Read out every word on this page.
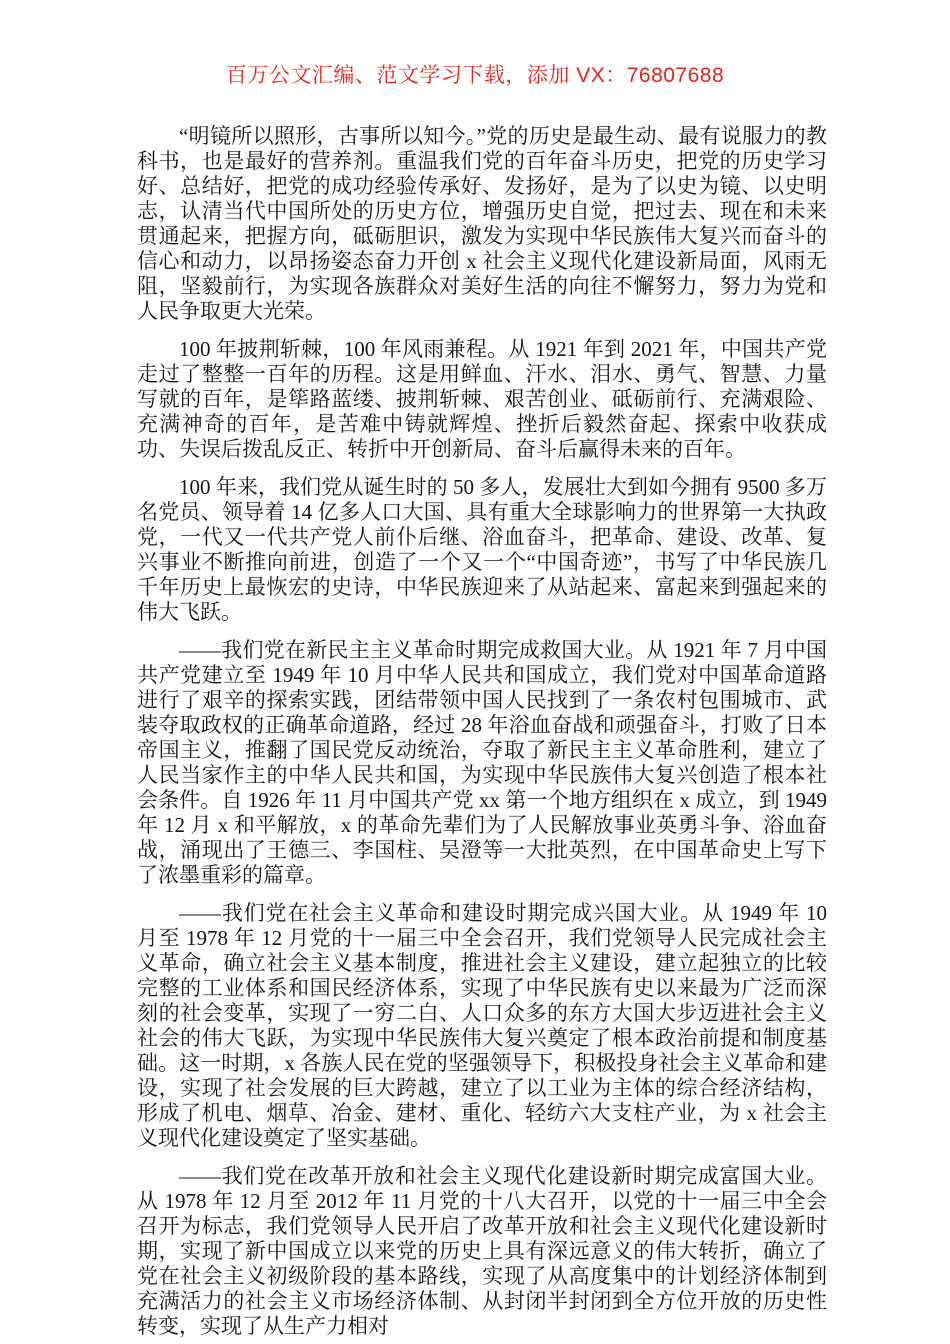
百万公文汇编、范文学习下载，添加 VX：76807688

“明镜所以照形，古事所以知今。”党的历史是最生动、最有说服力的教科书，也是最好的营养剂。重温我们党的百年奋斗历史，把党的历史学习好、总结好，把党的成功经验传承好、发扬好，是为了以史为镜、以史明志，认清当代中国所处的历史方位，增强历史自觉，把过去、现在和未来贯通起来，把握方向，砥砺胆识，激发为实现中华民族伟大复兴而奋斗的信心和动力，以昂扬姿态奋力开创 x 社会主义现代化建设新局面，风雨无阻，坚毅前行，为实现各族群众对美好生活的向往不懈努力，努力为党和人民争取更大光荣。

100 年披荆斩棘，100 年风雨兼程。从 1921 年到 2021 年，中国共产党走过了整整一百年的历程。这是用鲜血、汗水、泪水、勇气、智慧、力量写就的百年，是筚路蓝缕、披荆斩棘、艰苦创业、砥砺前行、充满艰险、充满神奇的百年，是苦难中铸就辉煌、挫折后毅然奋起、探索中收获成功、失误后拨乱反正、转折中开创新局、奋斗后赢得未来的百年。

100 年来，我们党从诞生时的 50 多人，发展壮大到如今拥有 9500 多万名党员、领导着 14 亿多人口大国、具有重大全球影响力的世界第一大执政党，一代又一代共产党人前仆后继、浴血奋斗，把革命、建设、改革、复兴事业不断推向前进，创造了一个又一个“中国奇迹”，书写了中华民族几千年历史上最恢宏的史诗，中华民族迎来了从站起来、富起来到强起来的伟大飞跃。

——我们党在新民主主义革命时期完成救国大业。从 1921 年 7 月中国共产党建立至 1949 年 10 月中华人民共和国成立，我们党对中国革命道路进行了艰辛的探索实践，团结带领中国人民找到了一条农村包围城市、武装夺取政权的正确革命道路，经过 28 年浴血奋战和顽强奋斗，打败了日本帝国主义，推翻了国民党反动统治，夺取了新民主主义革命胜利，建立了人民当家作主的中华人民共和国，为实现中华民族伟大复兴创造了根本社会条件。自 1926 年 11 月中国共产党 xx 第一个地方组织在 x 成立，到 1949 年 12 月 x 和平解放，x 的革命先辈们为了人民解放事业英勇斗争、浴血奋战，涌现出了王德三、李国柱、吴澄等一大批英烈，在中国革命史上写下了浓墨重彩的篇章。

——我们党在社会主义革命和建设时期完成兴国大业。从 1949 年 10 月至 1978 年 12 月党的十一届三中全会召开，我们党领导人民完成社会主义革命，确立社会主义基本制度，推进社会主义建设，建立起独立的比较完整的工业体系和国民经济体系，实现了中华民族有史以来最为广泛而深刻的社会变革，实现了一穷二白、人口众多的东方大国大步迈进社会主义社会的伟大飞跃，为实现中华民族伟大复兴奠定了根本政治前提和制度基础。这一时期，x 各族人民在党的坚强领导下，积极投身社会主义革命和建设，实现了社会发展的巨大跨越，建立了以工业为主体的综合经济结构，形成了机电、烟草、冶金、建材、重化、轻纺六大支柱产业，为 x 社会主义现代化建设奠定了坚实基础。

——我们党在改革开放和社会主义现代化建设新时期完成富国大业。从 1978 年 12 月至 2012 年 11 月党的十八大召开，以党的十一届三中全会召开为标志，我们党领导人民开启了改革开放和社会主义现代化建设新时期，实现了新中国成立以来党的历史上具有深远意义的伟大转折，确立了党在社会主义初级阶段的基本路线，实现了从高度集中的计划经济体制到充满活力的社会主义市场经济体制、从封闭半封闭到全方位开放的历史性转变，实现了从生产力相对
